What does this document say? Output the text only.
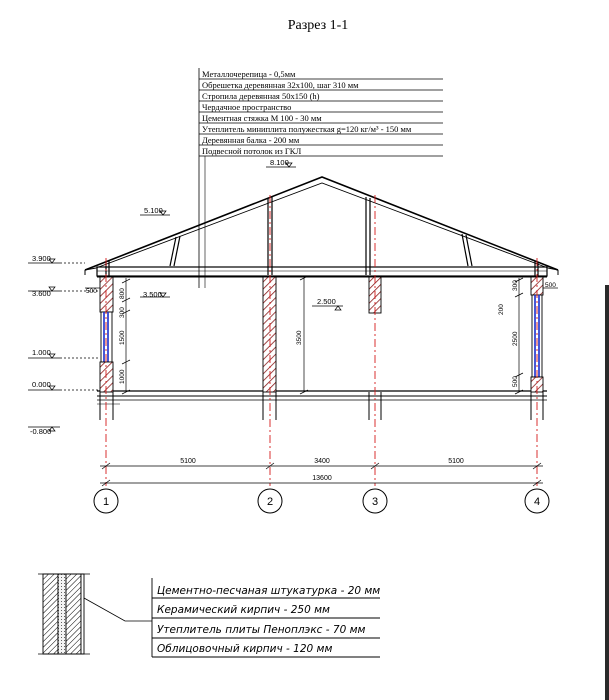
Разрез 1-1
Металлочерепица - 0,5мм
Обрешетка деревянная 32х100, шаг 310 мм
Стропила деревянная 50х150 (h)
Чердачное пространство
Цементная стяжка М 100 - 30 мм
Утеплитель миниплита полужесткая g=120 кг/м³ - 150 мм
Деревянная балка - 200 мм
Подвесной потолок из ГКЛ
3.900
3.600
1.000
0.000
-0.800
5.100
8.100
3.500
2.500
800
300
1500
1000
3500
300
200
2500
500
500
500
5100	3400	5100
13600
1	2	3	4
Цементно-песчаная штукатурка - 20 мм
Керамический кирпич - 250 мм
Утеплитель плиты Пеноплэкс - 70 мм
Облицовочный кирпич - 120 мм
